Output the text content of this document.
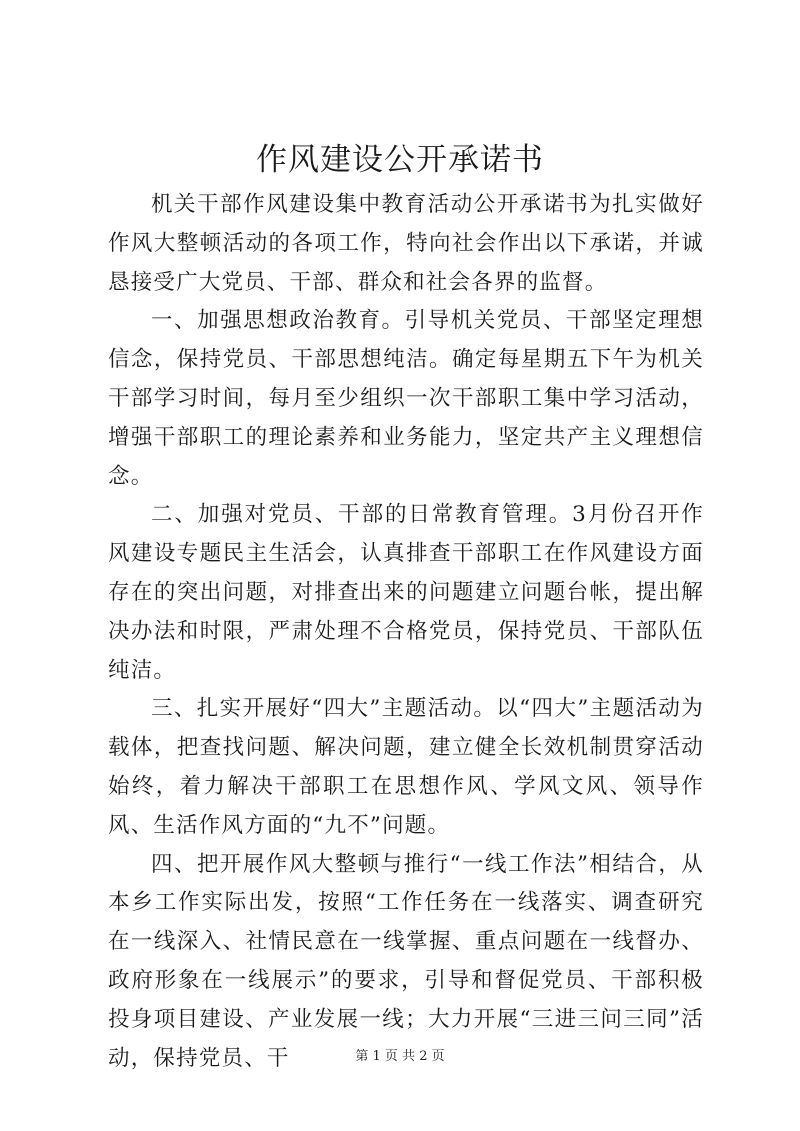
作风建设公开承诺书

机关干部作风建设集中教育活动公开承诺书为扎实做好作风大整顿活动的各项工作，特向社会作出以下承诺，并诚恳接受广大党员、干部、群众和社会各界的监督。

一、加强思想政治教育。引导机关党员、干部坚定理想信念，保持党员、干部思想纯洁。确定每星期五下午为机关干部学习时间，每月至少组织一次干部职工集中学习活动，增强干部职工的理论素养和业务能力，坚定共产主义理想信念。

二、加强对党员、干部的日常教育管理。3月份召开作风建设专题民主生活会，认真排查干部职工在作风建设方面存在的突出问题，对排查出来的问题建立问题台帐，提出解决办法和时限，严肃处理不合格党员，保持党员、干部队伍纯洁。

三、扎实开展好“四大”主题活动。以“四大”主题活动为载体，把查找问题、解决问题，建立健全长效机制贯穿活动始终，着力解决干部职工在思想作风、学风文风、领导作风、生活作风方面的“九不”问题。

四、把开展作风大整顿与推行“一线工作法”相结合，从本乡工作实际出发，按照“工作任务在一线落实、调查研究在一线深入、社情民意在一线掌握、重点问题在一线督办、政府形象在一线展示”的要求，引导和督促党员、干部积极投身项目建设、产业发展一线；大力开展“三进三问三同”活动，保持党员、干	第 1 页 共 2 页
